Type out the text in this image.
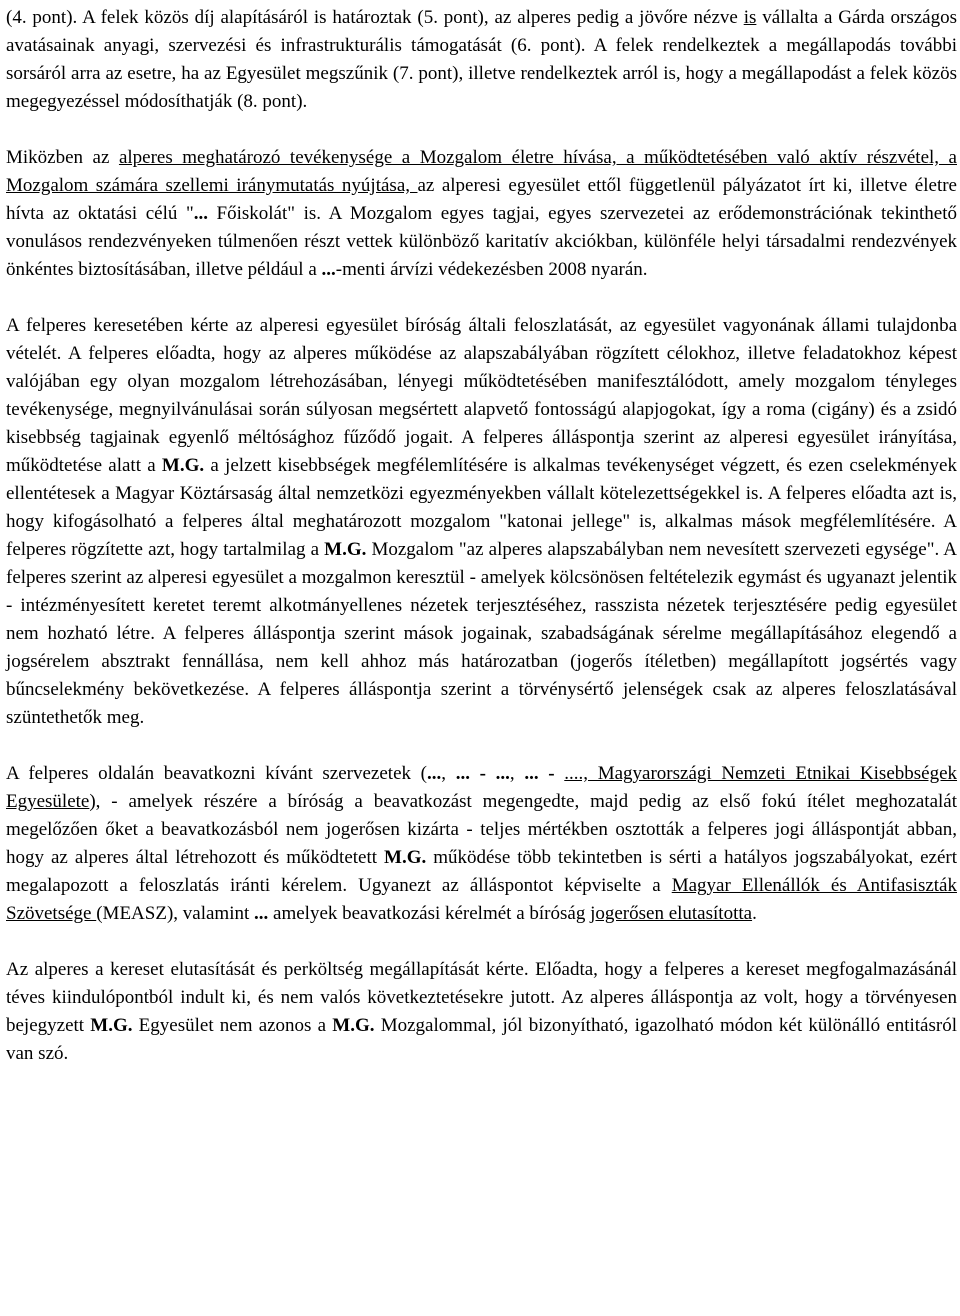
(4. pont). A felek közös díj alapításáról is határoztak (5. pont), az alperes pedig a jövőre nézve is vállalta a Gárda országos avatásainak anyagi, szervezési és infrastrukturális támogatását (6. pont). A felek rendelkeztek a megállapodás további sorsáról arra az esetre, ha az Egyesület megszűnik (7. pont), illetve rendelkeztek arról is, hogy a megállapodást a felek közös megegyezéssel módosíthatják (8. pont).

Miközben az alperes meghatározó tevékenysége a Mozgalom életre hívása, a működtetésében való aktív részvétel, a Mozgalom számára szellemi iránymutatás nyújtása, az alperesi egyesület ettől függetlenül pályázatot írt ki, illetve életre hívta az oktatási célú "... Főiskolát" is. A Mozgalom egyes tagjai, egyes szervezetei az erődemonstrációnak tekinthető vonulásos rendezvényeken túlmenően részt vettek különböző karitatív akciókban, különféle helyi társadalmi rendezvények önkéntes biztosításában, illetve például a ...-menti árvízi védekezésben 2008 nyarán.

A felperes keresetében kérte az alperesi egyesület bíróság általi feloszlatását, az egyesület vagyonának állami tulajdonba vételét. A felperes előadta, hogy az alperes működése az alapszabályában rögzített célokhoz, illetve feladatokhoz képest valójában egy olyan mozgalom létrehozásában, lényegi működtetésében manifesztálódott, amely mozgalom tényleges tevékenysége, megnyilvánulásai során súlyosan megsértett alapvető fontosságú alapjogokat, így a roma (cigány) és a zsidó kisebbség tagjainak egyenlő méltósághoz fűződő jogait. A felperes álláspontja szerint az alperesi egyesület irányítása, működtetése alatt a M.G. a jelzett kisebbségek megfélemlítésére is alkalmas tevékenységet végzett, és ezen cselekmények ellentétesek a Magyar Köztársaság által nemzetközi egyezményekben vállalt kötelezettségekkel is. A felperes előadta azt is, hogy kifogásolható a felperes által meghatározott mozgalom "katonai jellege" is, alkalmas mások megfélemlítésére. A felperes rögzítette azt, hogy tartalmilag a M.G. Mozgalom "az alperes alapszabályban nem nevesített szervezeti egysége". A felperes szerint az alperesi egyesület a mozgalmon keresztül - amelyek kölcsönösen feltételezik egymást és ugyanazt jelentik - intézményesített keretet teremt alkotmányellenes nézetek terjesztéséhez, rasszista nézetek terjesztésére pedig egyesület nem hozható létre. A felperes álláspontja szerint mások jogainak, szabadságának sérelme megállapításához elegendő a jogsérelem absztrakt fennállása, nem kell ahhoz más határozatban (jogerős ítéletben) megállapított jogsértés vagy bűncselekmény bekövetkezése. A felperes álláspontja szerint a törvénysértő jelenségek csak az alperes feloszlatásával szüntethetők meg.

A felperes oldalán beavatkozni kívánt szervezetek (..., ... - ..., ... - ...., Magyarországi Nemzeti Etnikai Kisebbségek Egyesülete), - amelyek részére a bíróság a beavatkozást megengedte, majd pedig az első fokú ítélet meghozatalát megelőzően őket a beavatkozásból nem jogerősen kizárta - teljes mértékben osztották a felperes jogi álláspontját abban, hogy az alperes által létrehozott és működtetett M.G. működése több tekintetben is sérti a hatályos jogszabályokat, ezért megalapozott a feloszlatás iránti kérelem. Ugyanezt az álláspontot képviselte a Magyar Ellenállók és Antifasiszták Szövetsége (MEASZ), valamint ... amelyek beavatkozási kérelmét a bíróság jogerősen elutasította.

Az alperes a kereset elutasítását és perköltség megállapítását kérte. Előadta, hogy a felperes a kereset megfogalmazásánál téves kiindulópontból indult ki, és nem valós következtetésekre jutott. Az alperes álláspontja az volt, hogy a törvényesen bejegyzett M.G. Egyesület nem azonos a M.G. Mozgalommal, jól bizonyítható, igazolható módon két különálló entitásról van szó.
